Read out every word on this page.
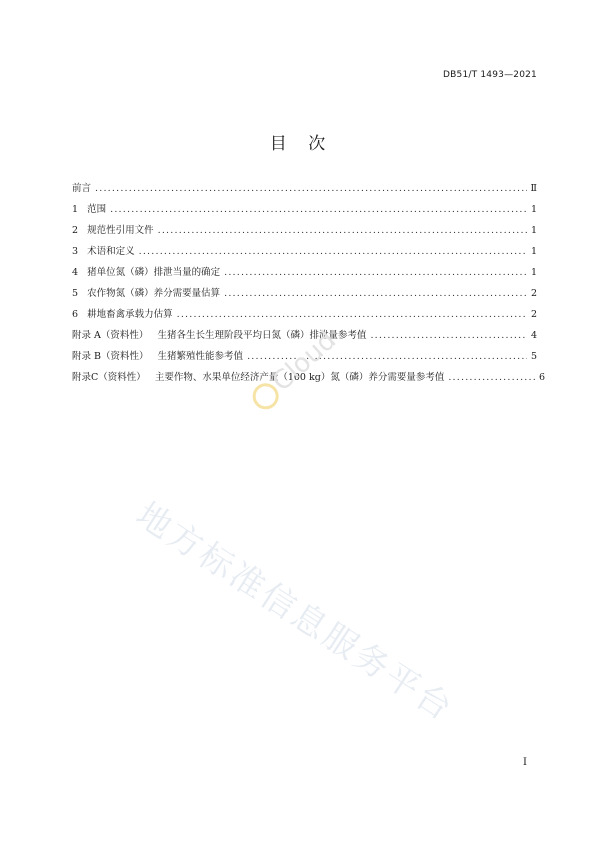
DB51/T 1493—2021
目    次
前言 .....	Ⅱ
1   范围 .....	1
2   规范性引用文件 .....	1
3   术语和定义 .....	1
4   猪单位氮（磷）排泄当量的确定 .....	1
5   农作物氮（磷）养分需要量估算 .....	2
6   耕地畜禽承载力估算 .....	2
附录 A（资料性）   生猪各生长生理阶段平均日氮（磷）排泄量参考值 .....	4
附录 B（资料性）   生猪繁殖性能参考值 .....	5
附录C（资料性）   主要作物、水果单位经济产量（100 kg）氮（磷）养分需要量参考值 .....	6
Cloud
地方标准信息服务平台
I
